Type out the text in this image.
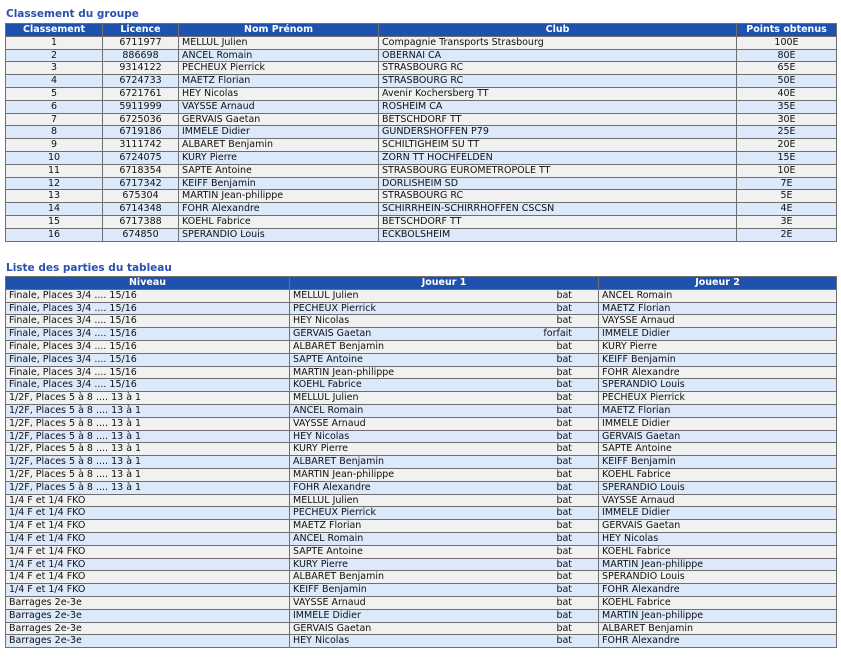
Classement du groupe
Classement	Licence	Nom Prénom	Club	Points obtenus
1	6711977	MELLUL Julien	Compagnie Transports Strasbourg	100E
2	886698	ANCEL Romain	OBERNAI CA	80E
3	9314122	PECHEUX Pierrick	STRASBOURG RC	65E
4	6724733	MAETZ Florian	STRASBOURG RC	50E
5	6721761	HEY Nicolas	Avenir Kochersberg TT	40E
6	5911999	VAYSSE Arnaud	ROSHEIM CA	35E
7	6725036	GERVAIS Gaetan	BETSCHDORF TT	30E
8	6719186	IMMELE Didier	GUNDERSHOFFEN P79	25E
9	3111742	ALBARET Benjamin	SCHILTIGHEIM SU TT	20E
10	6724075	KURY Pierre	ZORN TT HOCHFELDEN	15E
11	6718354	SAPTE Antoine	STRASBOURG EUROMETROPOLE TT	10E
12	6717342	KEIFF Benjamin	DORLISHEIM SD	7E
13	675304	MARTIN Jean-philippe	STRASBOURG RC	5E
14	6714348	FOHR Alexandre	SCHIRRHEIN-SCHIRRHOFFEN CSCSN	4E
15	6717388	KOEHL Fabrice	BETSCHDORF TT	3E
16	674850	SPERANDIO Louis	ECKBOLSHEIM	2E
Liste des parties du tableau
Niveau	Joueur 1		Joueur 2
Finale, Places 3/4 .... 15/16	MELLUL Julien	bat	ANCEL Romain
Finale, Places 3/4 .... 15/16	PECHEUX Pierrick	bat	MAETZ Florian
Finale, Places 3/4 .... 15/16	HEY Nicolas	bat	VAYSSE Arnaud
Finale, Places 3/4 .... 15/16	GERVAIS Gaetan	forfait	IMMELE Didier
Finale, Places 3/4 .... 15/16	ALBARET Benjamin	bat	KURY Pierre
Finale, Places 3/4 .... 15/16	SAPTE Antoine	bat	KEIFF Benjamin
Finale, Places 3/4 .... 15/16	MARTIN Jean-philippe	bat	FOHR Alexandre
Finale, Places 3/4 .... 15/16	KOEHL Fabrice	bat	SPERANDIO Louis
1/2F, Places 5 à 8 .... 13 à 1	MELLUL Julien	bat	PECHEUX Pierrick
1/2F, Places 5 à 8 .... 13 à 1	ANCEL Romain	bat	MAETZ Florian
1/2F, Places 5 à 8 .... 13 à 1	VAYSSE Arnaud	bat	IMMELE Didier
1/2F, Places 5 à 8 .... 13 à 1	HEY Nicolas	bat	GERVAIS Gaetan
1/2F, Places 5 à 8 .... 13 à 1	KURY Pierre	bat	SAPTE Antoine
1/2F, Places 5 à 8 .... 13 à 1	ALBARET Benjamin	bat	KEIFF Benjamin
1/2F, Places 5 à 8 .... 13 à 1	MARTIN Jean-philippe	bat	KOEHL Fabrice
1/2F, Places 5 à 8 .... 13 à 1	FOHR Alexandre	bat	SPERANDIO Louis
1/4 F et 1/4 FKO	MELLUL Julien	bat	VAYSSE Arnaud
1/4 F et 1/4 FKO	PECHEUX Pierrick	bat	IMMELE Didier
1/4 F et 1/4 FKO	MAETZ Florian	bat	GERVAIS Gaetan
1/4 F et 1/4 FKO	ANCEL Romain	bat	HEY Nicolas
1/4 F et 1/4 FKO	SAPTE Antoine	bat	KOEHL Fabrice
1/4 F et 1/4 FKO	KURY Pierre	bat	MARTIN Jean-philippe
1/4 F et 1/4 FKO	ALBARET Benjamin	bat	SPERANDIO Louis
1/4 F et 1/4 FKO	KEIFF Benjamin	bat	FOHR Alexandre
Barrages 2e-3e	VAYSSE Arnaud	bat	KOEHL Fabrice
Barrages 2e-3e	IMMELE Didier	bat	MARTIN Jean-philippe
Barrages 2e-3e	GERVAIS Gaetan	bat	ALBARET Benjamin
Barrages 2e-3e	HEY Nicolas	bat	FOHR Alexandre
